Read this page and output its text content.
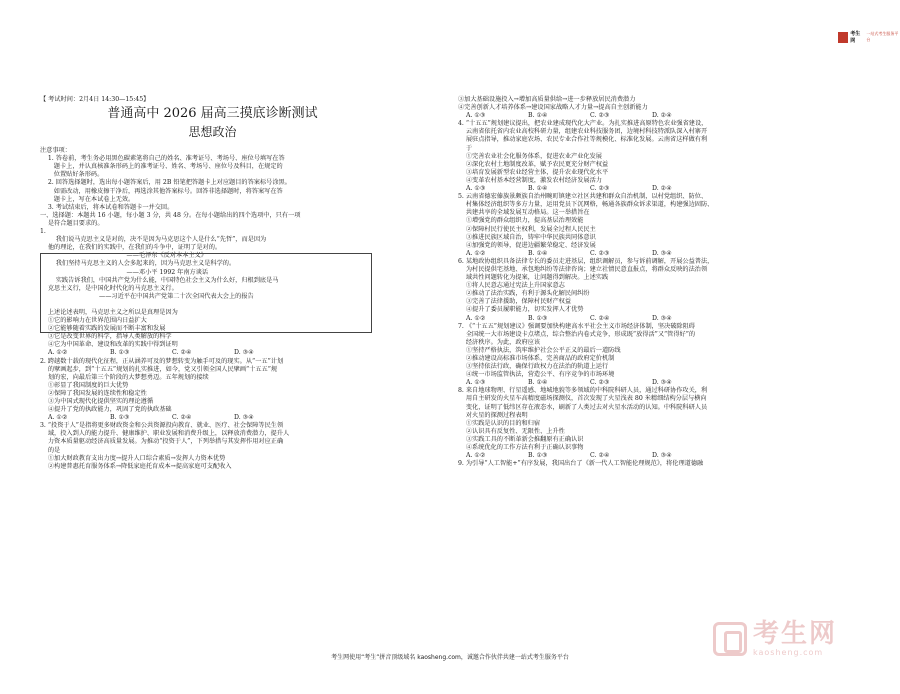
考生网
一站式考生服务平台
【 考试时间：2月4日 14:30—15:45】
普通高中 2026 届高三摸底诊断测试
思想政治
注意事项：
1. 答卷前，考生务必用黑色碳素笔将自己的姓名、准考证号、考场号、座位号填写在答
题卡上，并认真核准条形码上的准考证号、姓名、考场号、座位号及科目，在规定的
位置贴好条形码。
2. 回答选择题时，选出每小题答案后，用 2B 铅笔把答题卡上对应题目的答案标号涂黑。
如需改动，用橡皮擦干净后，再选涂其他答案标号。回答非选择题时，将答案写在答
题卡上，写在本试卷上无效。
3. 考试结束后，将本试卷和答题卡一并交回。
一、选择题：本题共 16 小题，每小题 3 分，共 48 分。在每小题给出的四个选项中，只有一项
是符合题目要求的。
1.
我们说马克思主义是对的，决不是因为马克思这个人是什么“先哲”，而是因为
他的理论，在我们的实践中，在我们的斗争中，证明了是对的。
——毛泽东《反对本本主义》
我们坚持马克思主义的人会多起来的，因为马克思主义是科学的。
——邓小平 1992 年南方谈话
实践告诉我们，中国共产党为什么能，中国特色社会主义为什么好，归根到底是马
克思主义行，是中国化时代化的马克思主义行。
——习近平在中国共产党第二十次全国代表大会上的报告

上述论述表明，马克思主义之所以是真理是因为
①它的影响力在世界范围内日益扩大
②它能够随着实践的发展而不断丰富和发展
③它是改变世界的科学，指导人类解放的科学
④它为中国革命、建设和改革的实践中得到证明
A. ①②	B. ①③	C. ②④	D. ③④
2. 跨越数十载的现代化征程，正从涵养可及的梦想转变为触手可及的现实。从“一五”计划
的擘画起步，到“十五五”规划的扎实推进，如今，党又引领全国人民擘画“十五五”规
划的宏，向最后第三个阶段的大梦想勇迈。五年规划的接续
①彰显了我国制度的巨大优势
②保障了我国发展的连续性和稳定性
③为中国式现代化提供坚实的理论遵循
④提升了党的执政能力，巩固了党的执政基础
A. ①②	B. ①③	C. ②④	D. ③④
3. “投资于人”是指将更多财政资金和公共资源投向教育、就业、医疗、社会保障等民生领
域，投入到人的能力提升、健康维护、职业发展和消费升级上，以释放消费潜力，提升人
力资本质量驱动经济高质量发展。为推动“投资于人”，下列举措与其发挥作用对应正确
的是
①加大财政教育支出力度→提升人口综合素质→发挥人力资本优势
②构建普惠托育服务体系→降低家庭托育成本→提高家庭可支配收入
③加大基础设施投入→增加高质量供给→进一步释放居民消费潜力
④完善创新人才培养体系→建设国家战略人才力量→提高自主创新能力
A. ①③	B. ①④	C. ②③	D. ②④
4. “十五五”规划建议提出，把农业建成现代化大产业。为扎实推进高原特色农业强省建设，
云南省依托省内农业高校科研力量，组建农业科技服务团，边境村科技特派队深入村寨开
展驻点指导，推动家庭农场、农民专业合作社等规模化、标准化发展。云南省这样做有利
于
①完善农业社会化服务体系，促进农业产业化发展
②深化农村土地制度改革，赋予农民更充分财产权益
③培育发展新型农业经营主体，提升农业现代化水平
④变革农村基本经营制度，激发农村经济发展活力
A. ①③	B. ①④	C. ②③	D. ②④
5. 云南省德宏傣族景颇族自治州畹町镇建立社区共建和群众自治机制，以村党组织、防位、
村集体经济组织等多方力量，运用党员下沉网格，畅通各族群众诉求渠道，构建强边固防、
共建共享的全域发展互动格局。这一举措旨在
①增强党的群众组织力，提高基层治理效能
②保障村民行使民主权利，发展全过程人民民主
③推进民族区域自治，铸牢中华民族共同体意识
④加强党的领导，促进边疆繁荣稳定、经济发展
A. ①②	B. ①④	C. ②③	D. ③④
6. 某地政协组织具备法律专长的委员走进基层，组织调解员，参与诉前调解，开展公益普法，
为村民提供宅基地、承包地纠纷等法律咨询；建立社情民意直报点，将群众反映的法治领
域共性问题转化为提案，让问题得到解决。上述实践
①将人民意志通过宪法上升国家意志
②推动了法治实践，有利于源头化解民间纠纷
③完善了法律援助，保障村民财产权益
④提升了委员履职能力，切实发挥人才优势
A. ①②	B. ①③	C. ②④	D. ③④
7. 《“十五五”规划建议》强调要加快构建高水平社会主义市场经济体制，坚决破除阻碍
全国统一大市场建设卡点堵点，综合整治内卷式竞争，形成既“放得活”又“管得好”的
经济秩序。为此，政府应该
①坚持严格执法，筑牢维护社会公平正义的最后一道防线
②推动建设高标准市场体系，完善商品的政府定价机制
③坚持依法行政，确保行政权力在法治的轨道上运行
④统一市场监管执法，营造公平、有序竞争的市场环境
A. ①③	B. ①④	C. ②③	D. ③④
8. 来自地球物理、行星遥感、地城地貌等多领域的中科院科研人员，通过科研协作攻关，利
用自主研发的火星车高精度磁场探测仪，首次发现了火星浅表 80 米精细结构分层与横向
变化，证明了低纬区存在液态水，刷新了人类过去对火星水活动的认知。中科院科研人员
对火星的探测过程表明
①实践是认识的目的和归宿
②认识具有反复性、无限性、上升性
③实践工具的不断革新会推翻原有正确认识
④系统优化的工作方法有利于正确认识事物
A. ①②	B. ①③	C. ②④	D. ③④
9. 为引导“人工智能+”有序发展，我国出台了《新一代人工智能伦理规范》，将伦理道德融
考生网
kaosheng.com
考生网使用“考生”拼音顶级域名 kaosheng.com，诚邀合作伙伴共建一站式考生服务平台
